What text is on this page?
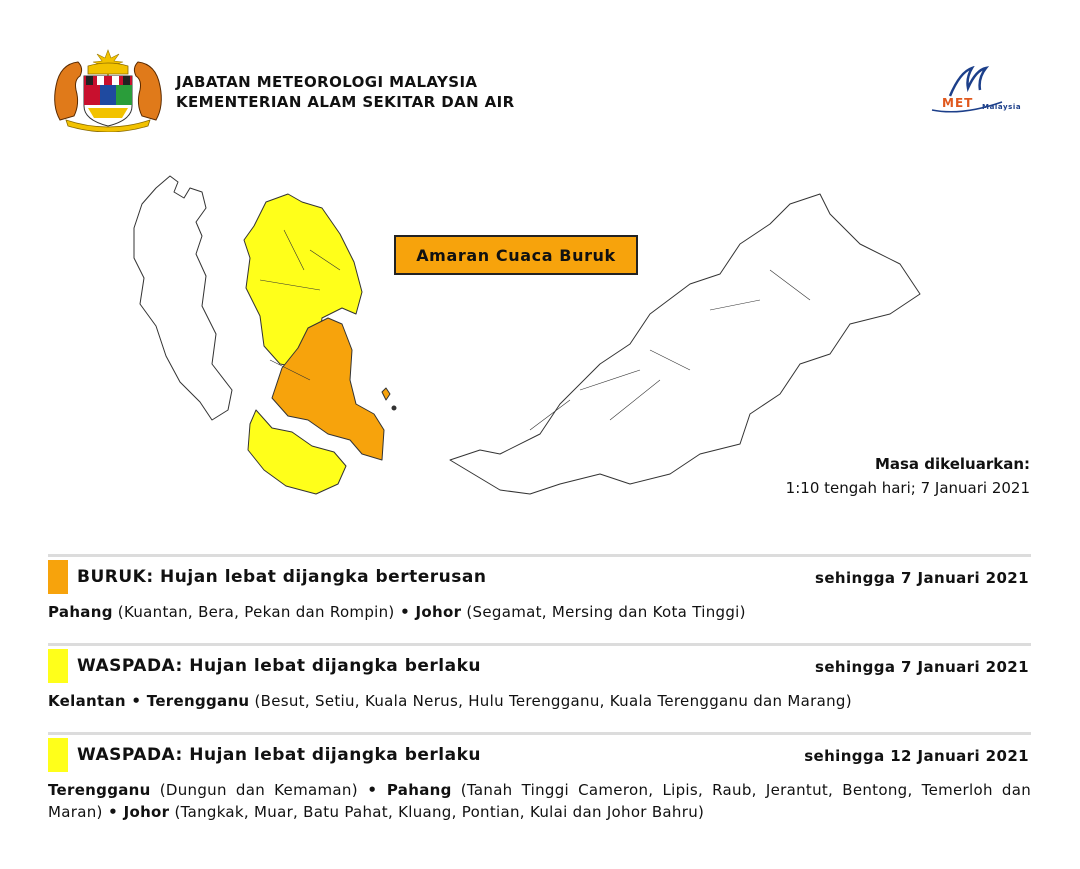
JABATAN METEOROLOGI MALAYSIA
KEMENTERIAN ALAM SEKITAR DAN AIR	MET Malaysia
Amaran Cuaca Buruk
Masa dikeluarkan:
1:10 tengah hari; 7 Januari 2021
BURUK: Hujan lebat dijangka berterusan	sehingga 7 Januari 2021
Pahang (Kuantan, Bera, Pekan dan Rompin) • Johor (Segamat, Mersing dan Kota Tinggi)
WASPADA: Hujan lebat dijangka berlaku	sehingga 7 Januari 2021
Kelantan • Terengganu (Besut, Setiu, Kuala Nerus, Hulu Terengganu, Kuala Terengganu dan Marang)
WASPADA: Hujan lebat dijangka berlaku	sehingga 12 Januari 2021
Terengganu (Dungun dan Kemaman) • Pahang (Tanah Tinggi Cameron, Lipis, Raub, Jerantut, Bentong, Temerloh dan Maran) • Johor (Tangkak, Muar, Batu Pahat, Kluang, Pontian, Kulai dan Johor Bahru)
